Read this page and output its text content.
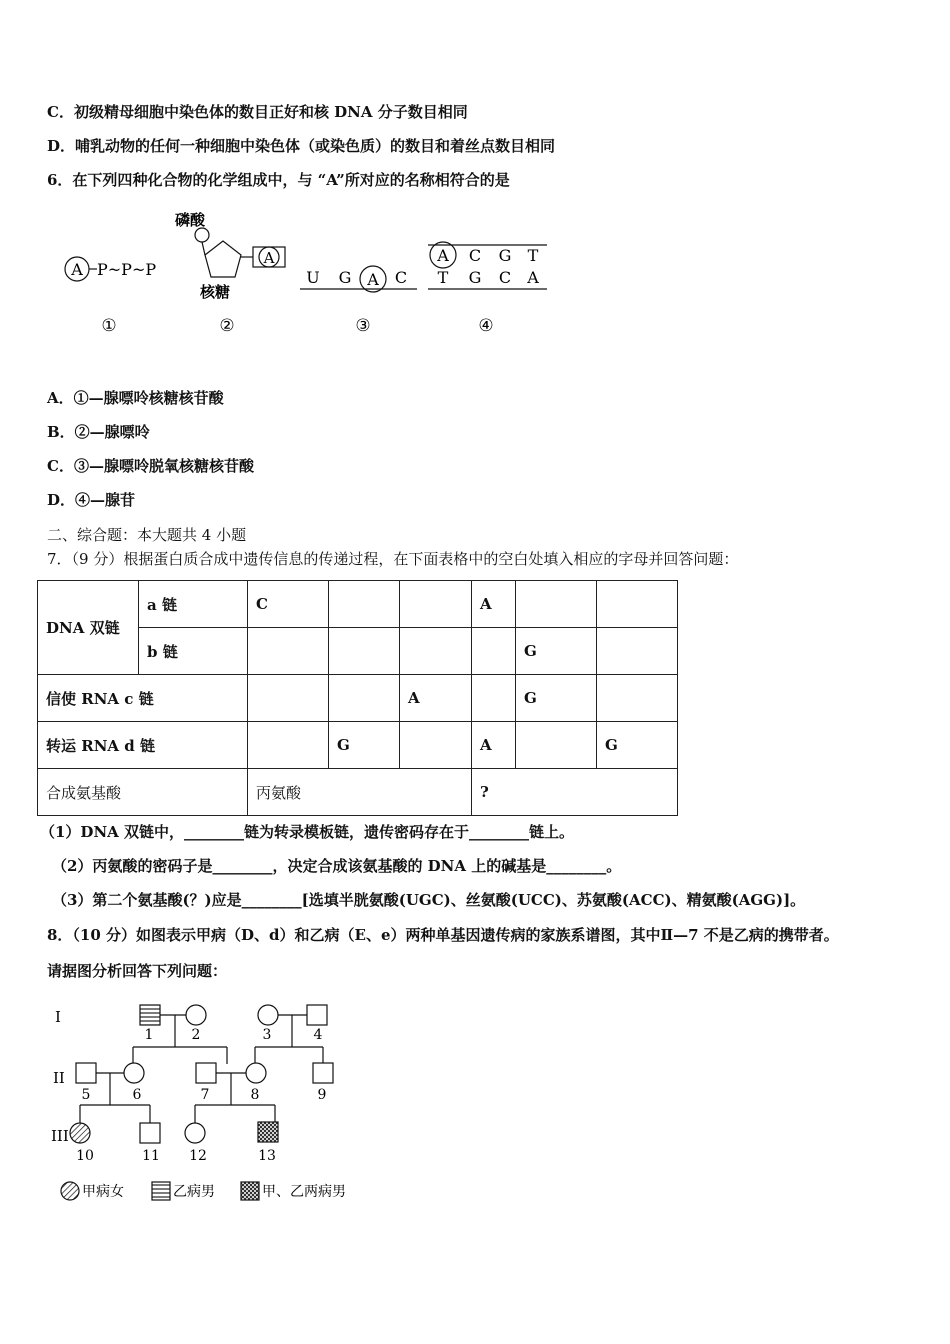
C．初级精母细胞中染色体的数目正好和核 DNA 分子数目相同
D．哺乳动物的任何一种细胞中染色体（或染色质）的数目和着丝点数目相同
6．在下列四种化合物的化学组成中，与 “A”所对应的名称相符合的是
A P~P~P
磷酸
A
核糖
U G A C
A C G T
T G C A
①	②	③	④
A．①—腺嘌呤核糖核苷酸
B．②—腺嘌呤
C．③—腺嘌呤脱氧核糖核苷酸
D．④—腺苷
二、综合题：本大题共 4 小题
7．（9 分）根据蛋白质合成中遗传信息的传递过程，在下面表格中的空白处填入相应的字母并回答问题：
DNA 双链	a 链	C			A		
	b 链					G	
信使 RNA c 链				A		G	
转运 RNA d 链			G		A		G
合成氨基酸		丙氨酸			?		
（1）DNA 双链中，________链为转录模板链，遗传密码存在于________链上。
（2）丙氨酸的密码子是________，决定合成该氨基酸的 DNA 上的碱基是________。
（3）第二个氨基酸(？)应是________[选填半胱氨酸(UGC)、丝氨酸(UCC)、苏氨酸(ACC)、精氨酸(AGG)]。
8．（10 分）如图表示甲病（D、d）和乙病（E、e）两种单基因遗传病的家族系谱图，其中Ⅱ—7 不是乙病的携带者。
请据图分析回答下列问题：
I
II
III
1	2	3	4
5	6	7	8	9
10	11 12	13
甲病女	乙病男	甲、乙两病男
